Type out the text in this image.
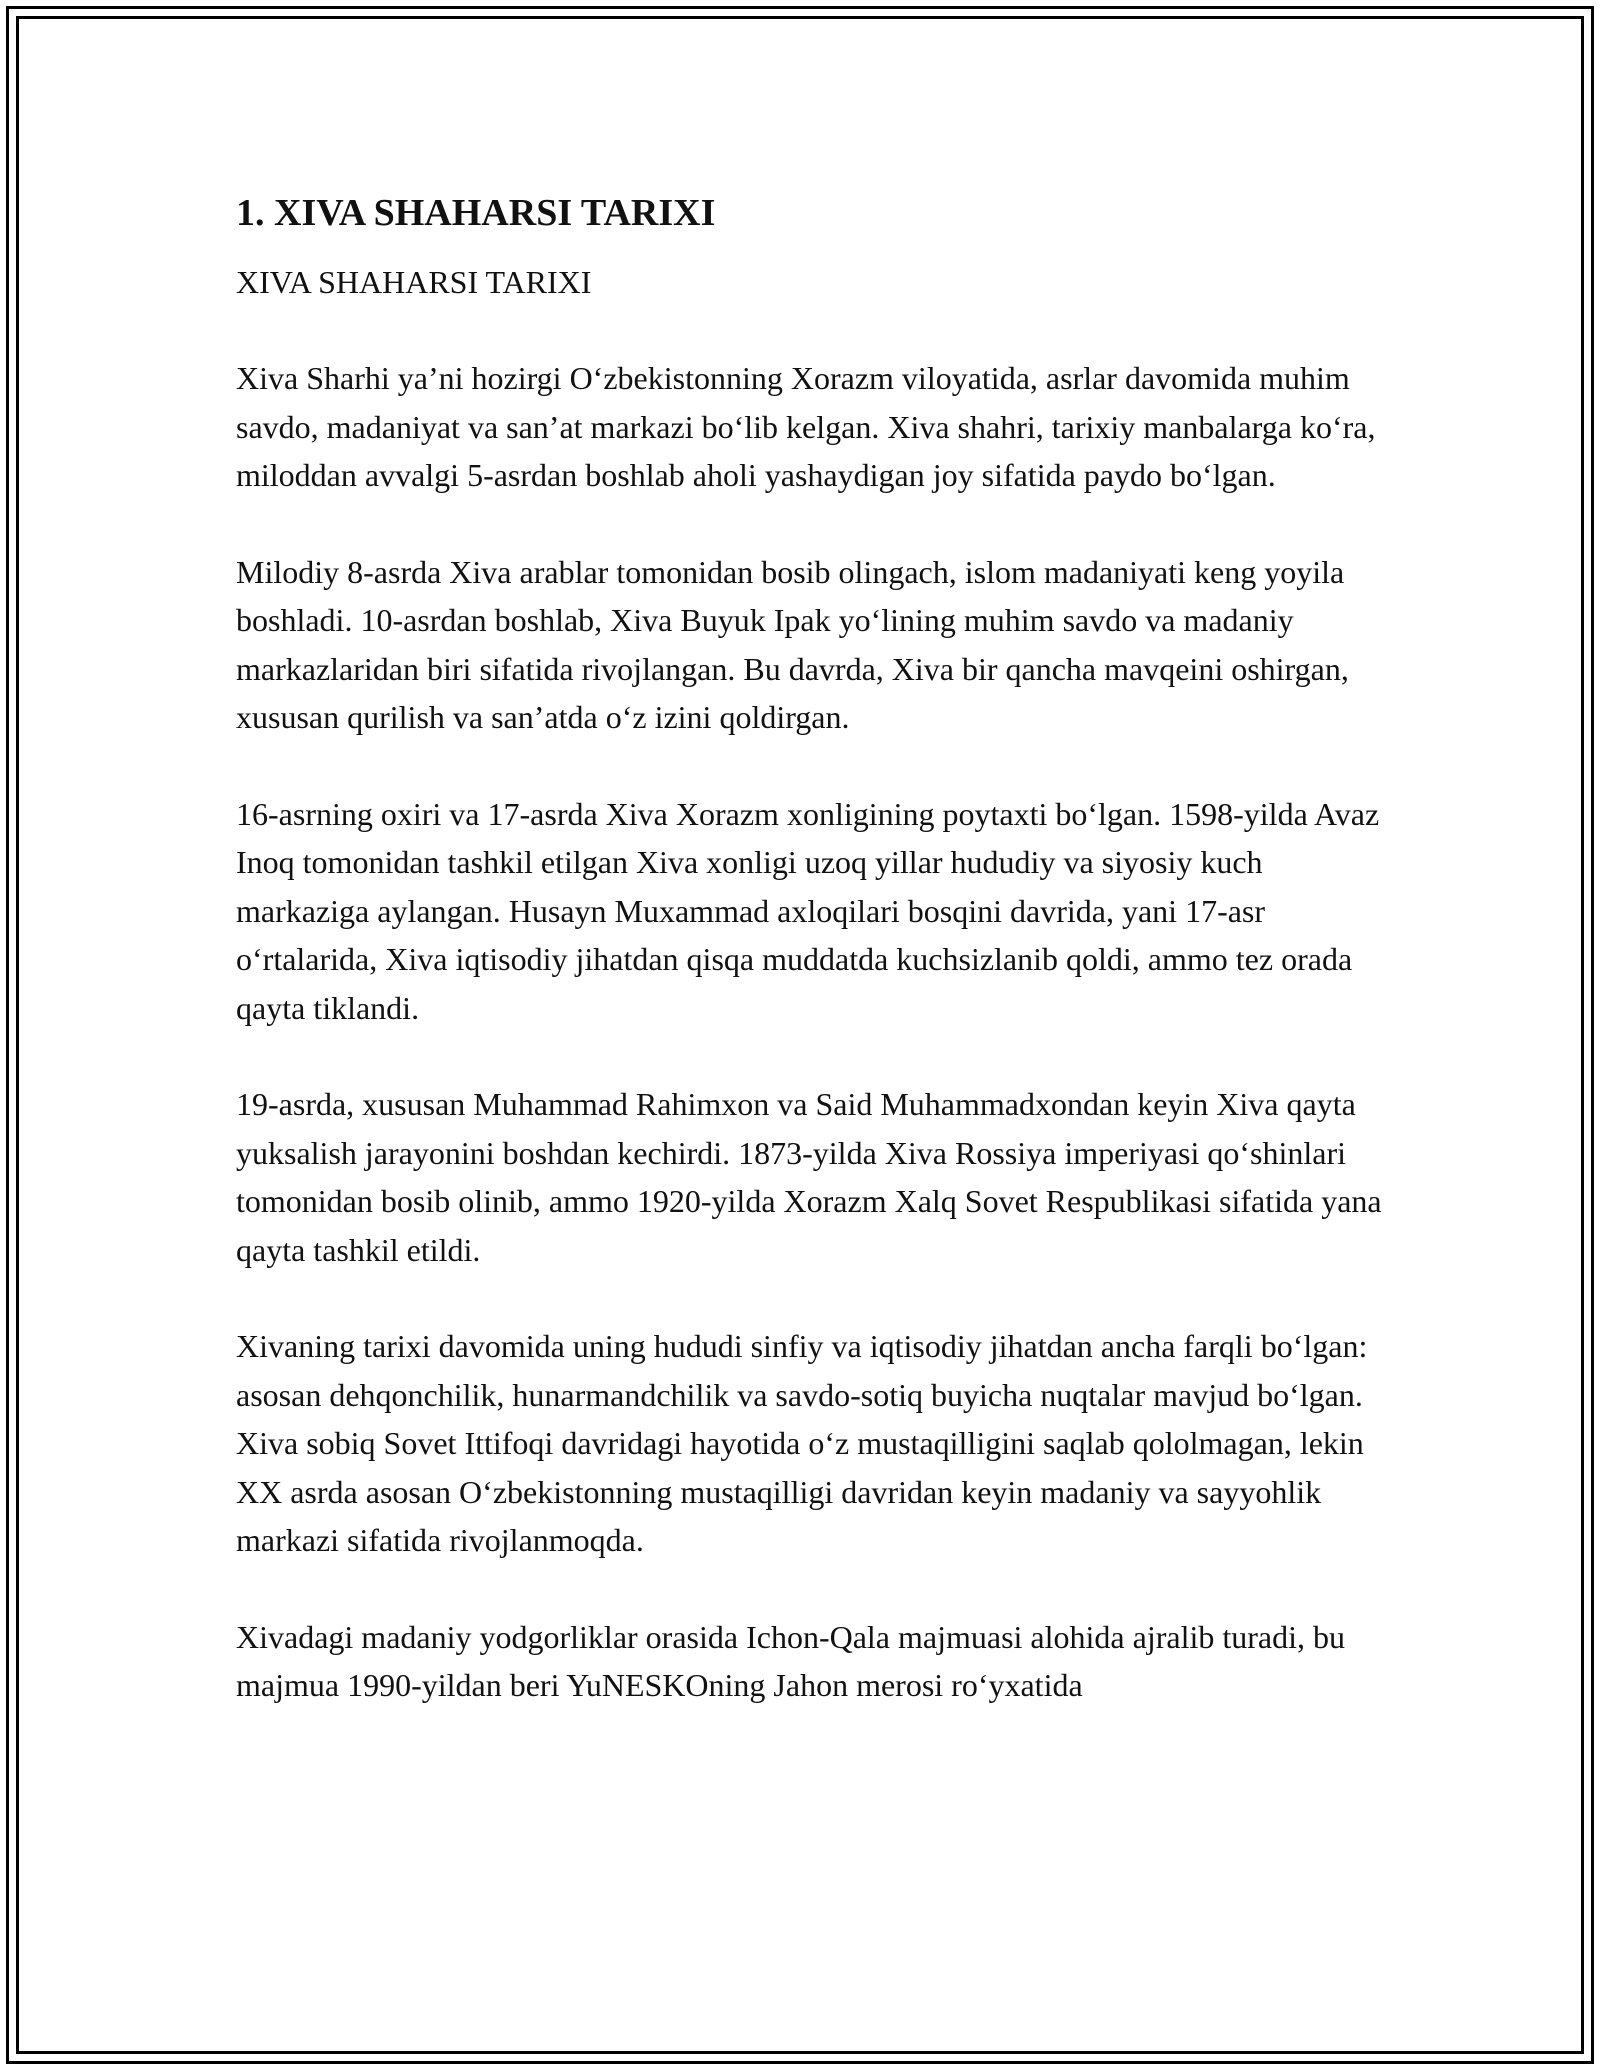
1. XIVA SHAHARSI TARIXI

XIVA SHAHARSI TARIXI

Xiva Sharhi ya’ni hozirgi O‘zbekistonning Xorazm viloyatida, asrlar davomida muhim savdo, madaniyat va san’at markazi bo‘lib kelgan. Xiva shahri, tarixiy manbalarga ko‘ra, miloddan avvalgi 5-asrdan boshlab aholi yashaydigan joy sifatida paydo bo‘lgan.

Milodiy 8-asrda Xiva arablar tomonidan bosib olingach, islom madaniyati keng yoyila boshladi. 10-asrdan boshlab, Xiva Buyuk Ipak yo‘lining muhim savdo va madaniy markazlaridan biri sifatida rivojlangan. Bu davrda, Xiva bir qancha mavqeini oshirgan, xususan qurilish va san’atda o‘z izini qoldirgan.

16-asrning oxiri va 17-asrda Xiva Xorazm xonligining poytaxti bo‘lgan. 1598-yilda Avaz Inoq tomonidan tashkil etilgan Xiva xonligi uzoq yillar hududiy va siyosiy kuch markaziga aylangan. Husayn Muxammad axloqilari bosqini davrida, yani 17-asr o‘rtalarida, Xiva iqtisodiy jihatdan qisqa muddatda kuchsizlanib qoldi, ammo tez orada qayta tiklandi.

19-asrda, xususan Muhammad Rahimxon va Said Muhammadxondan keyin Xiva qayta yuksalish jarayonini boshdan kechirdi. 1873-yilda Xiva Rossiya imperiyasi qo‘shinlari tomonidan bosib olinib, ammo 1920-yilda Xorazm Xalq Sovet Respublikasi sifatida yana qayta tashkil etildi.

Xivaning tarixi davomida uning hududi sinfiy va iqtisodiy jihatdan ancha farqli bo‘lgan: asosan dehqonchilik, hunarmandchilik va savdo-sotiq buyicha nuqtalar mavjud bo‘lgan. Xiva sobiq Sovet Ittifoqi davridagi hayotida o‘z mustaqilligini saqlab qololmagan, lekin XX asrda asosan O‘zbekistonning mustaqilligi davridan keyin madaniy va sayyohlik markazi sifatida rivojlanmoqda.

Xivadagi madaniy yodgorliklar orasida Ichon-Qala majmuasi alohida ajralib turadi, bu majmua 1990-yildan beri YuNESKOning Jahon merosi ro‘yxatida
